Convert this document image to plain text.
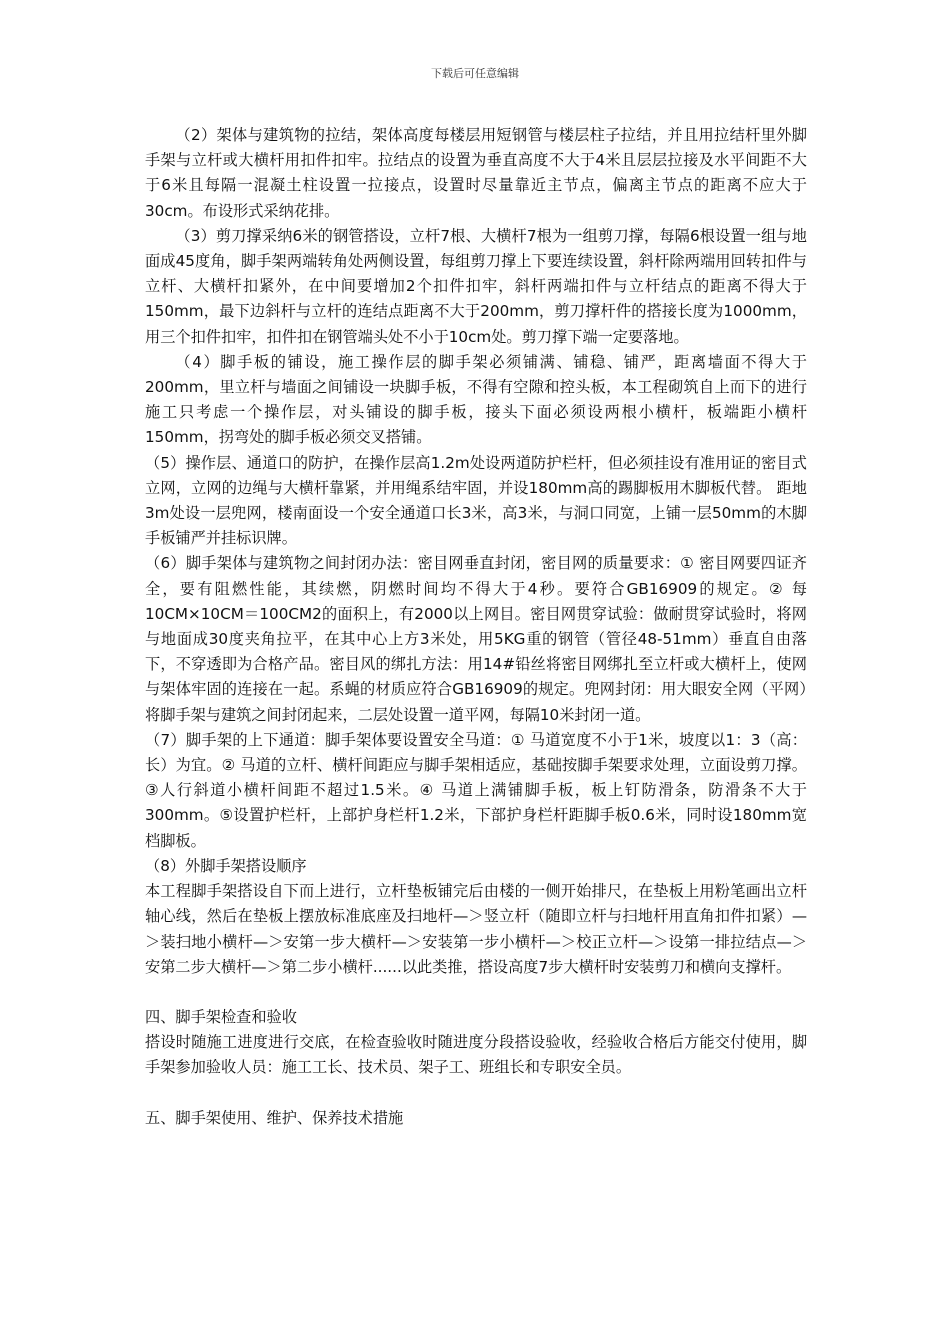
下载后可任意编辑

（2）架体与建筑物的拉结，架体高度每楼层用短钢管与楼层柱子拉结，并且用拉结杆里外脚手架与立杆或大横杆用扣件扣牢。拉结点的设置为垂直高度不大于4米且层层拉接及水平间距不大于6米且每隔一混凝土柱设置一拉接点，设置时尽量靠近主节点，偏离主节点的距离不应大于30cm。布设形式采纳花排。

（3）剪刀撑采纳6米的钢管搭设，立杆7根、大横杆7根为一组剪刀撑，每隔6根设置一组与地面成45度角，脚手架两端转角处两侧设置，每组剪刀撑上下要连续设置，斜杆除两端用回转扣件与立杆、大横杆扣紧外，在中间要增加2个扣件扣牢，斜杆两端扣件与立杆结点的距离不得大于150mm，最下边斜杆与立杆的连结点距离不大于200mm，剪刀撑杆件的搭接长度为1000mm，用三个扣件扣牢，扣件扣在钢管端头处不小于10cm处。剪刀撑下端一定要落地。

（4）脚手板的铺设，施工操作层的脚手架必须铺满、铺稳、铺严，距离墙面不得大于200mm，里立杆与墙面之间铺设一块脚手板，不得有空隙和控头板，本工程砌筑自上而下的进行施工只考虑一个操作层，对头铺设的脚手板，接头下面必须设两根小横杆，板端距小横杆150mm，拐弯处的脚手板必须交叉搭铺。

（5）操作层、通道口的防护，在操作层高1.2m处设两道防护栏杆，但必须挂设有准用证的密目式立网，立网的边绳与大横杆靠紧，并用绳系结牢固，并设180mm高的踢脚板用木脚板代替。 距地3m处设一层兜网，楼南面设一个安全通道口长3米，高3米，与洞口同宽，上铺一层50mm的木脚手板铺严并挂标识牌。

（6）脚手架体与建筑物之间封闭办法：密目网垂直封闭，密目网的质量要求：① 密目网要四证齐全，要有阻燃性能，其续燃，阴燃时间均不得大于4秒。要符合GB16909的规定。② 每10CM×10CM＝100CM2的面积上，有2000以上网目。密目网贯穿试验：做耐贯穿试验时，将网与地面成30度夹角拉平，在其中心上方3米处，用5KG重的钢管（管径48-51mm）垂直自由落下，不穿透即为合格产品。密目风的绑扎方法：用14#铅丝将密目网绑扎至立杆或大横杆上，使网与架体牢固的连接在一起。系蝇的材质应符合GB16909的规定。兜网封闭：用大眼安全网（平网）将脚手架与建筑之间封闭起来，二层处设置一道平网，每隔10米封闭一道。

（7）脚手架的上下通道：脚手架体要设置安全马道：① 马道宽度不小于1米，坡度以1：3（高：长）为宜。② 马道的立杆、横杆间距应与脚手架相适应，基础按脚手架要求处理，立面设剪刀撑。③人行斜道小横杆间距不超过1.5米。④ 马道上满铺脚手板，板上钉防滑条，防滑条不大于300mm。⑤设置护栏杆，上部护身栏杆1.2米，下部护身栏杆距脚手板0.6米，同时设180mm宽档脚板。

（8）外脚手架搭设顺序

本工程脚手架搭设自下而上进行，立杆垫板铺完后由楼的一侧开始排尺，在垫板上用粉笔画出立杆轴心线，然后在垫板上摆放标准底座及扫地杆—＞竖立杆（随即立杆与扫地杆用直角扣件扣紧）—＞装扫地小横杆—＞安第一步大横杆—＞安装第一步小横杆—＞校正立杆—＞设第一排拉结点—＞安第二步大横杆—＞第二步小横杆......以此类推，搭设高度7步大横杆时安装剪刀和横向支撑杆。

四、脚手架检查和验收

搭设时随施工进度进行交底，在检查验收时随进度分段搭设验收，经验收合格后方能交付使用，脚手架参加验收人员：施工工长、技术员、架子工、班组长和专职安全员。

五、脚手架使用、维护、保养技术措施
